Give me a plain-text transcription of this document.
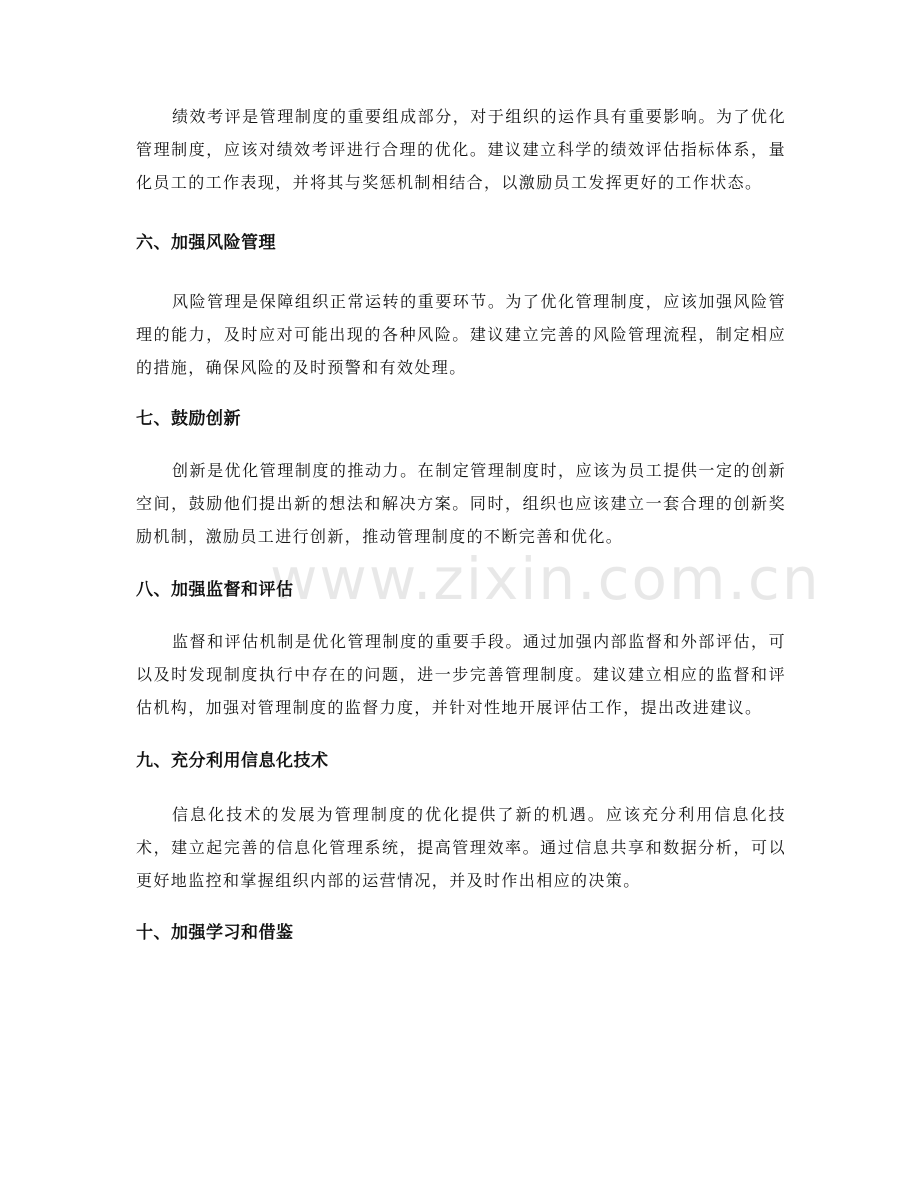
绩效考评是管理制度的重要组成部分，对于组织的运作具有重要影响。为了优化管理制度，应该对绩效考评进行合理的优化。建议建立科学的绩效评估指标体系，量化员工的工作表现，并将其与奖惩机制相结合，以激励员工发挥更好的工作状态。

六、加强风险管理

风险管理是保障组织正常运转的重要环节。为了优化管理制度，应该加强风险管理的能力，及时应对可能出现的各种风险。建议建立完善的风险管理流程，制定相应的措施，确保风险的及时预警和有效处理。

七、鼓励创新

创新是优化管理制度的推动力。在制定管理制度时，应该为员工提供一定的创新空间，鼓励他们提出新的想法和解决方案。同时，组织也应该建立一套合理的创新奖励机制，激励员工进行创新，推动管理制度的不断完善和优化。

八、加强监督和评估

监督和评估机制是优化管理制度的重要手段。通过加强内部监督和外部评估，可以及时发现制度执行中存在的问题，进一步完善管理制度。建议建立相应的监督和评估机构，加强对管理制度的监督力度，并针对性地开展评估工作，提出改进建议。

九、充分利用信息化技术

信息化技术的发展为管理制度的优化提供了新的机遇。应该充分利用信息化技术，建立起完善的信息化管理系统，提高管理效率。通过信息共享和数据分析，可以更好地监控和掌握组织内部的运营情况，并及时作出相应的决策。

十、加强学习和借鉴
www.zixin.com.cn
